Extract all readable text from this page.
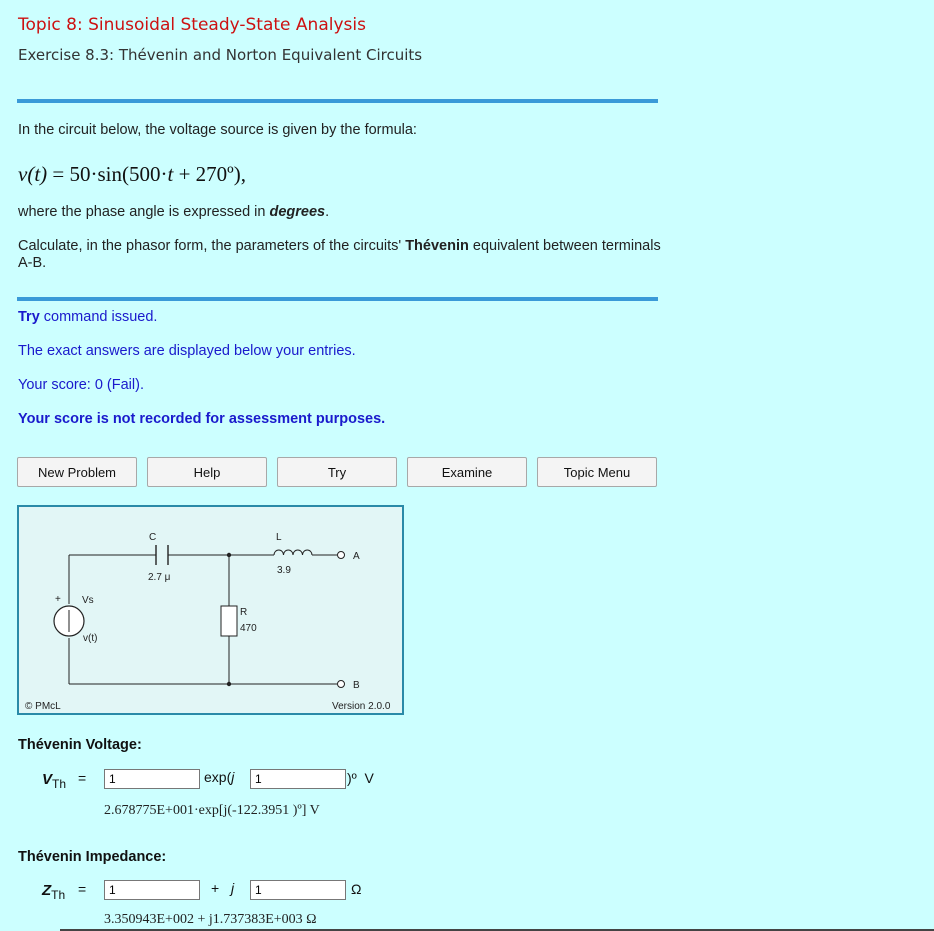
Topic 8: Sinusoidal Steady-State Analysis
Exercise 8.3: Thévenin and Norton Equivalent Circuits
In the circuit below, the voltage source is given by the formula:
v(t) = 50·sin(500·t + 270º),
where the phase angle is expressed in degrees.
Calculate, in the phasor form, the parameters of the circuits' Thévenin equivalent between terminals A-B.
Try command issued.
The exact answers are displayed below your entries.
Your score: 0 (Fail).
Your score is not recorded for assessment purposes.
New Problem	Help	Try	Examine	Topic Menu
C
2.7 μ
L
3.9
R
470
+ Vs
v(t)
A
B
© PMcL	Version 2.0.0
Thévenin Voltage:
$V_{Th}$ =
1	exp(j
1	)º  V
2.678775E+001·exp[j(-122.3951 )º] V
Thévenin Impedance:
$Z_{Th}$ =
1	+ j
1	Ω
3.350943E+002 + j1.737383E+003 Ω
